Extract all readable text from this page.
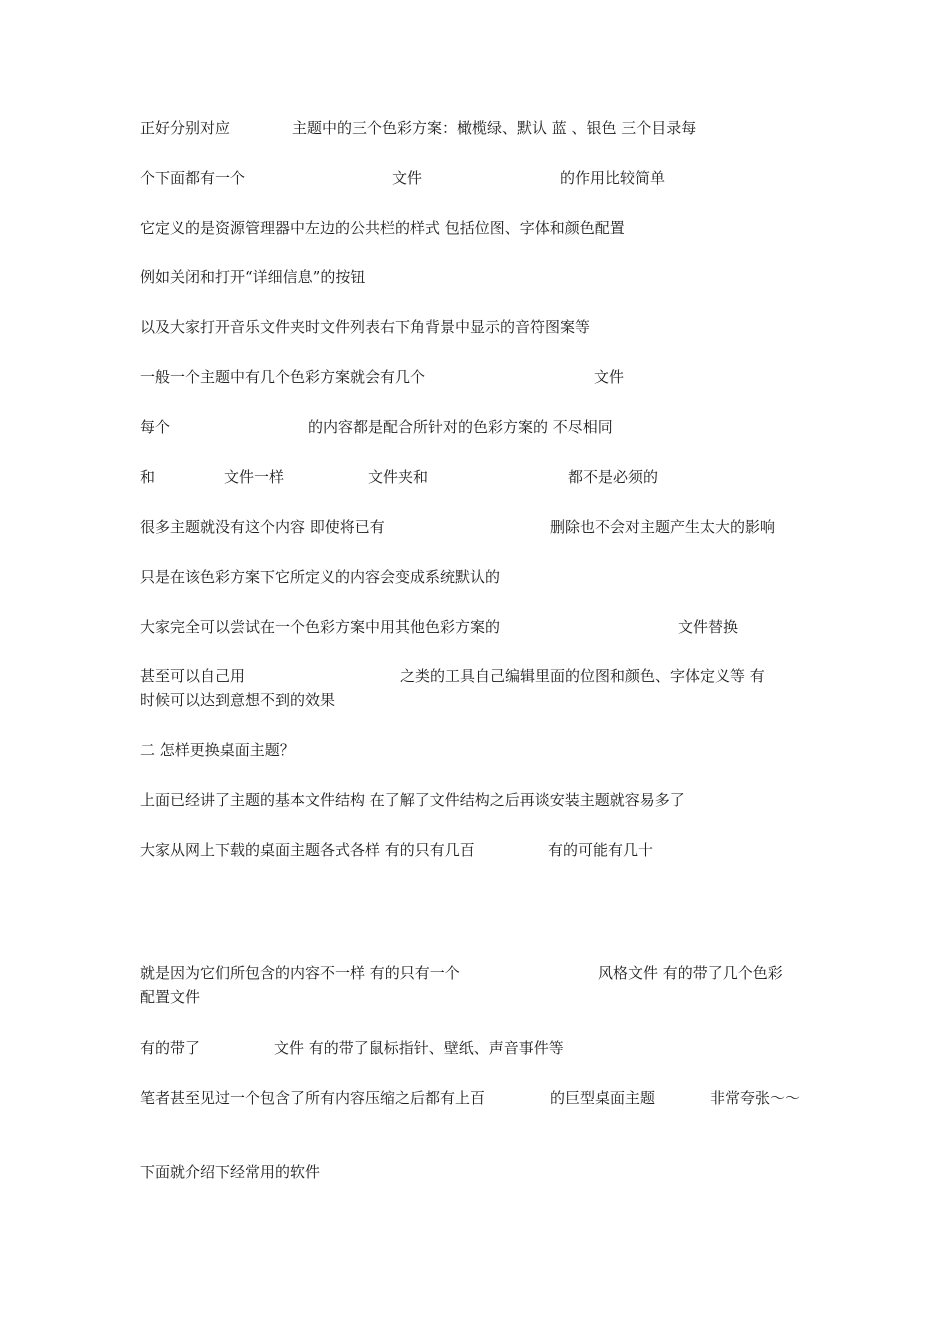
正好分别对应	主题中的三个色彩方案：橄榄绿、默认 蓝 、银色 三个目录每
个下面都有一个	文件	的作用比较简单
它定义的是资源管理器中左边的公共栏的样式 包括位图、字体和颜色配置
例如关闭和打开“详细信息”的按钮
以及大家打开音乐文件夹时文件列表右下角背景中显示的音符图案等
一般一个主题中有几个色彩方案就会有几个	文件
每个	的内容都是配合所针对的色彩方案的 不尽相同
和	文件一样	文件夹和	都不是必须的
很多主题就没有这个内容 即使将已有	删除也不会对主题产生太大的影响
只是在该色彩方案下它所定义的内容会变成系统默认的
大家完全可以尝试在一个色彩方案中用其他色彩方案的	文件替换
甚至可以自己用	之类的工具自己编辑里面的位图和颜色、字体定义等 有
时候可以达到意想不到的效果
二 怎样更换桌面主题？
上面已经讲了主题的基本文件结构 在了解了文件结构之后再谈安装主题就容易多了
大家从网上下载的桌面主题各式各样 有的只有几百	有的可能有几十
就是因为它们所包含的内容不一样 有的只有一个	风格文件 有的带了几个色彩
配置文件
有的带了	文件 有的带了鼠标指针、壁纸、声音事件等
笔者甚至见过一个包含了所有内容压缩之后都有上百	的巨型桌面主题	非常夸张～～
下面就介绍下经常用的软件
